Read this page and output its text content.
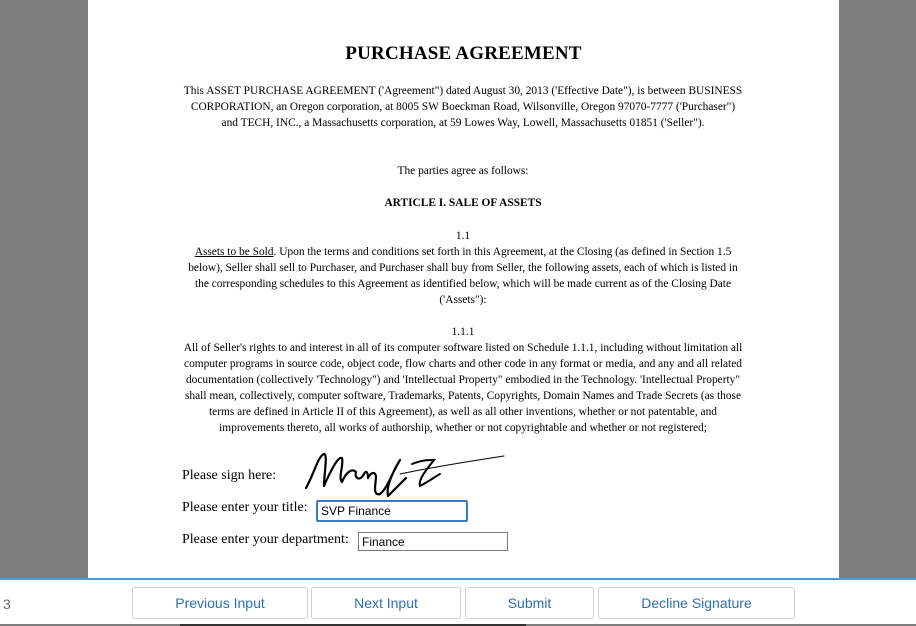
PURCHASE AGREEMENT

This ASSET PURCHASE AGREEMENT ('Agreement") dated August 30, 2013 ('Effective Date"), is between BUSINESS CORPORATION, an Oregon corporation, at 8005 SW Boeckman Road, Wilsonville, Oregon 97070-7777 ('Purchaser") and TECH, INC., a Massachusetts corporation, at 59 Lowes Way, Lowell, Massachusetts 01851 ('Seller").

The parties agree as follows:

ARTICLE I. SALE OF ASSETS

1.1

Assets to be Sold. Upon the terms and conditions set forth in this Agreement, at the Closing (as defined in Section 1.5 below), Seller shall sell to Purchaser, and Purchaser shall buy from Seller, the following assets, each of which is listed in the corresponding schedules to this Agreement as identified below, which will be made current as of the Closing Date ('Assets"):

1.1.1

All of Seller's rights to and interest in all of its computer software listed on Schedule 1.1.1, including without limitation all computer programs in source code, object code, flow charts and other code in any format or media, and any and all related documentation (collectively 'Technology") and 'Intellectual Property" embodied in the Technology. 'Intellectual Property" shall mean, collectively, computer software, Trademarks, Patents, Copyrights, Domain Names and Trade Secrets (as those terms are defined in Article II of this Agreement), as well as all other inventions, whether or not patentable, and improvements thereto, all works of authorship, whether or not copyrightable and whether or not registered;

Please sign here:
Please enter your title:	SVP Finance
Please enter your department:	Finance
3	Previous Input	Next Input	Submit	Decline Signature
